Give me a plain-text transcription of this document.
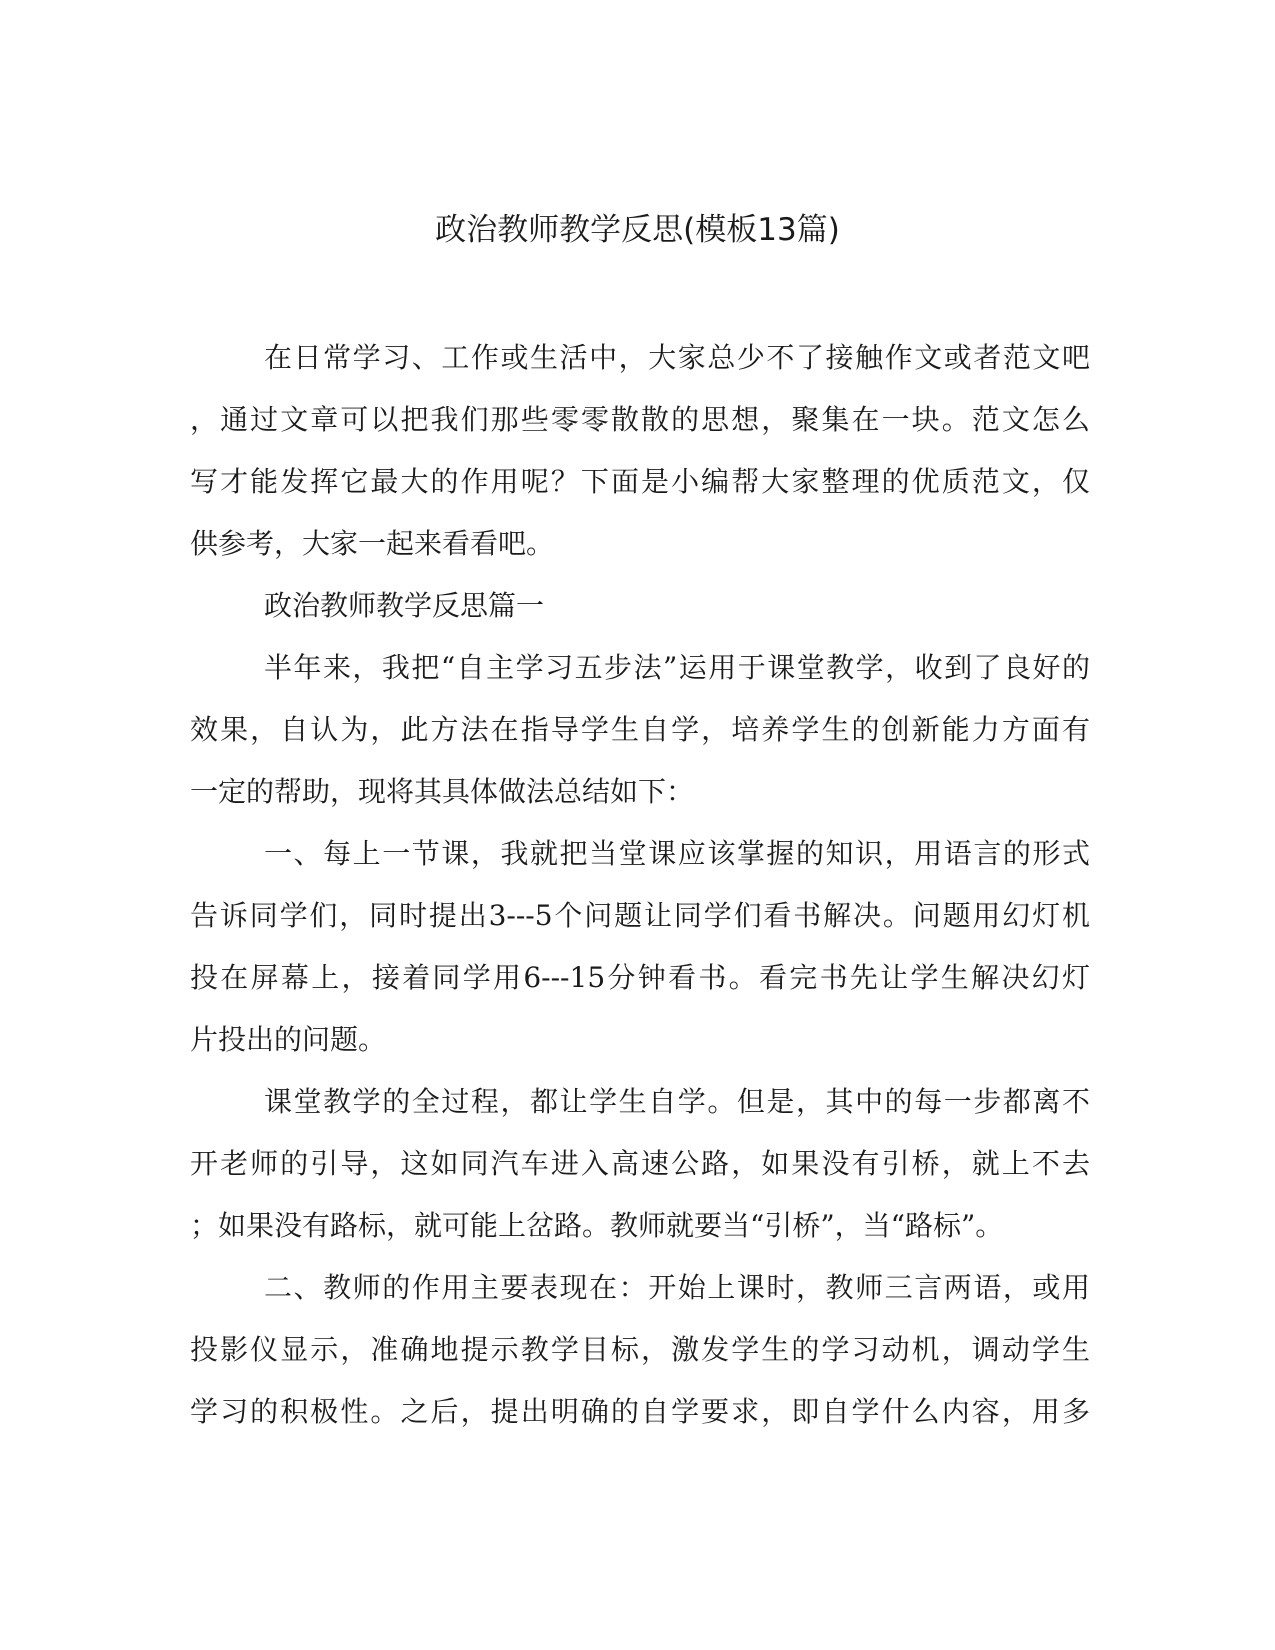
政治教师教学反思(模板13篇)
在日常学习、工作或生活中，大家总少不了接触作文或者范文吧
，通过文章可以把我们那些零零散散的思想，聚集在一块。范文怎么
写才能发挥它最大的作用呢？下面是小编帮大家整理的优质范文，仅
供参考，大家一起来看看吧。
政治教师教学反思篇一
半年来，我把“自主学习五步法”运用于课堂教学，收到了良好的
效果，自认为，此方法在指导学生自学，培养学生的创新能力方面有
一定的帮助，现将其具体做法总结如下：
一、每上一节课，我就把当堂课应该掌握的知识，用语言的形式
告诉同学们，同时提出3---5个问题让同学们看书解决。问题用幻灯机
投在屏幕上，接着同学用6---15分钟看书。看完书先让学生解决幻灯
片投出的问题。
课堂教学的全过程，都让学生自学。但是，其中的每一步都离不
开老师的引导，这如同汽车进入高速公路，如果没有引桥，就上不去
；如果没有路标，就可能上岔路。教师就要当“引桥”，当“路标”。
二、教师的作用主要表现在：开始上课时，教师三言两语，或用
投影仪显示，准确地提示教学目标，激发学生的学习动机，调动学生
学习的积极性。之后，提出明确的自学要求，即自学什么内容，用多
